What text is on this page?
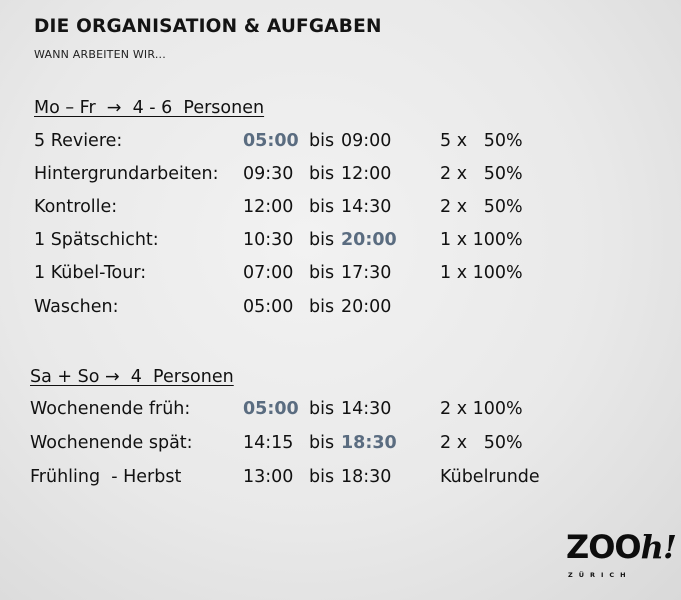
DIE ORGANISATION & AUFGABEN
WANN ARBEITEN WIR...
Mo – Fr  →  4 - 6  Personen
5 Reviere:	05:00 bis 09:00	5 x   50%
Hintergrundarbeiten: 09:30 bis 12:00	2 x   50%
Kontrolle:	12:00 bis 14:30	2 x   50%
1 Spätschicht:	10:30 bis 20:00 1 x 100%
1 Kübel-Tour:	07:00 bis 17:30	1 x 100%
Waschen:	05:00 bis 20:00
Sa + So →  4  Personen
Wochenende früh:	05:00 bis 14:30	2 x 100%
Wochenende spät:	14:15 bis 18:30 2 x   50%
Frühling  - Herbst	13:00 bis 18:30	Kübelrunde
ZOOh!
ZÜRICH
